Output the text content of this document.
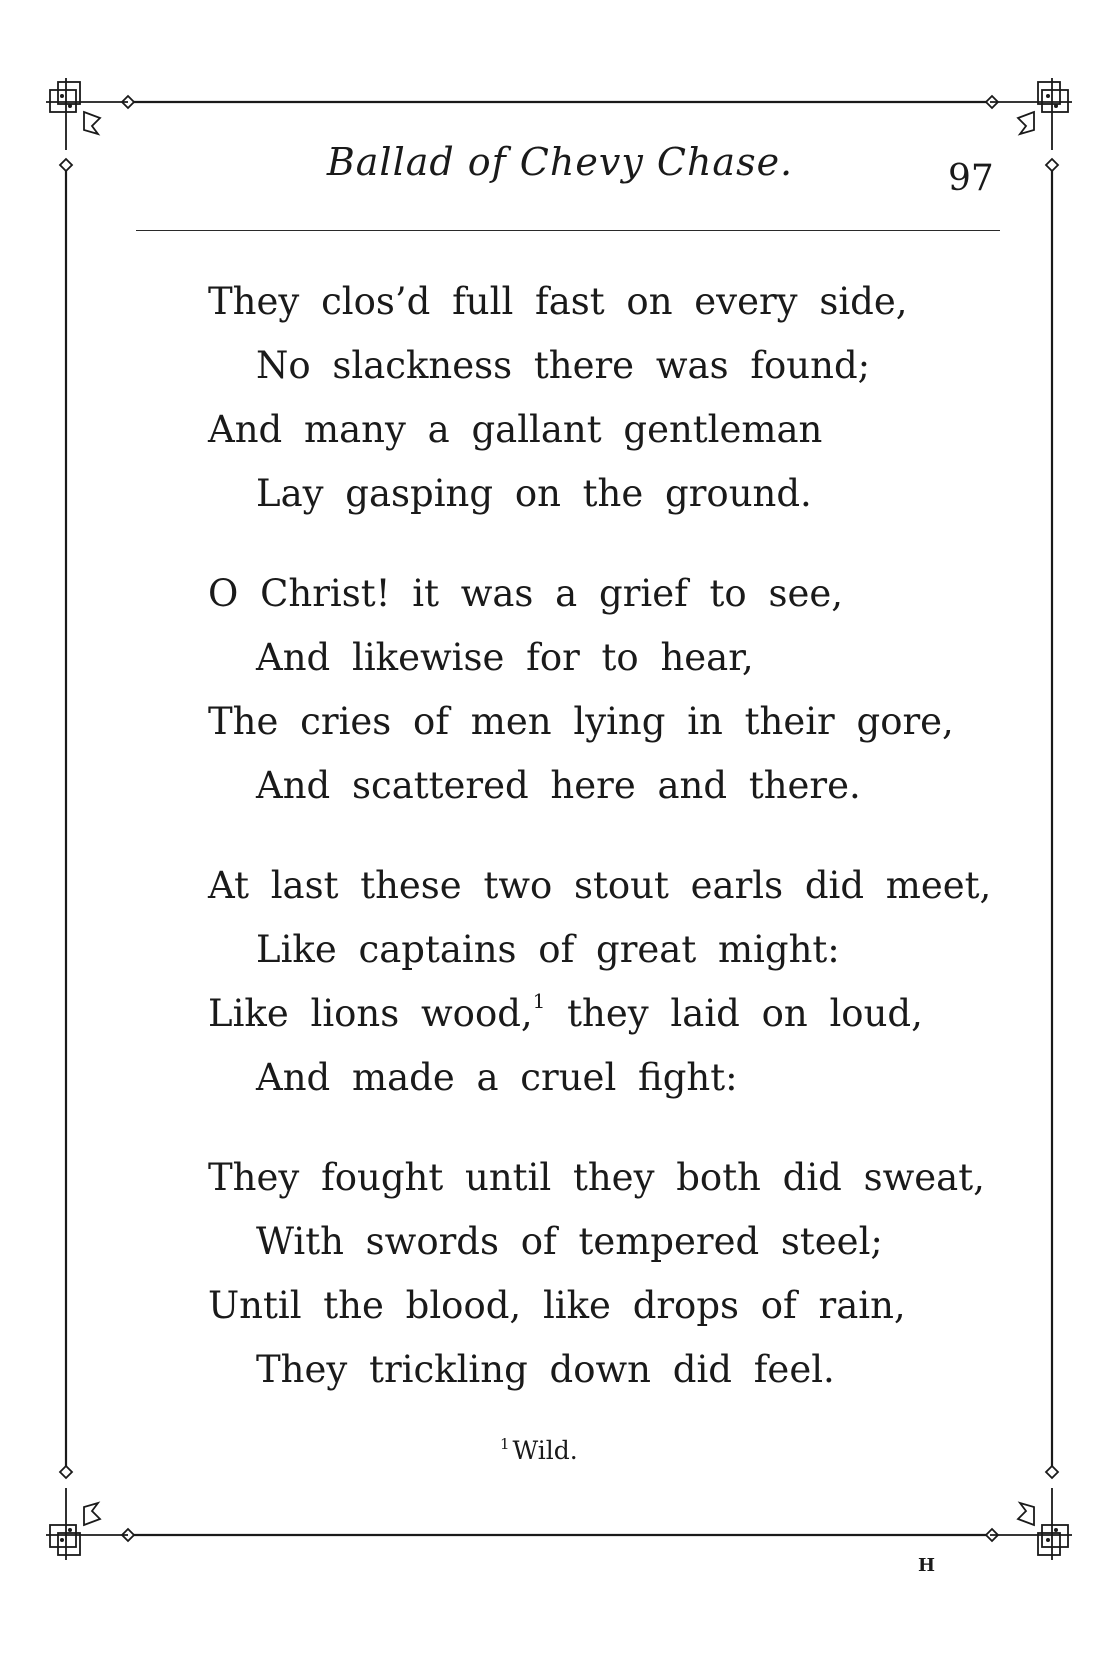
Ballad of Chevy Chase.	97
They clos’d full fast on every side,
No slackness there was found;
And many a gallant gentleman
Lay gasping on the ground.
O Christ! it was a grief to see,
And likewise for to hear,
The cries of men lying in their gore,
And scattered here and there.
At last these two stout earls did meet,
Like captains of great might:
Like lions wood,$^1$ they laid on loud,
And made a cruel fight:
They fought until they both did sweat,
With swords of tempered steel;
Until the blood, like drops of rain,
They trickling down did feel.
$^1$ Wild.
H
